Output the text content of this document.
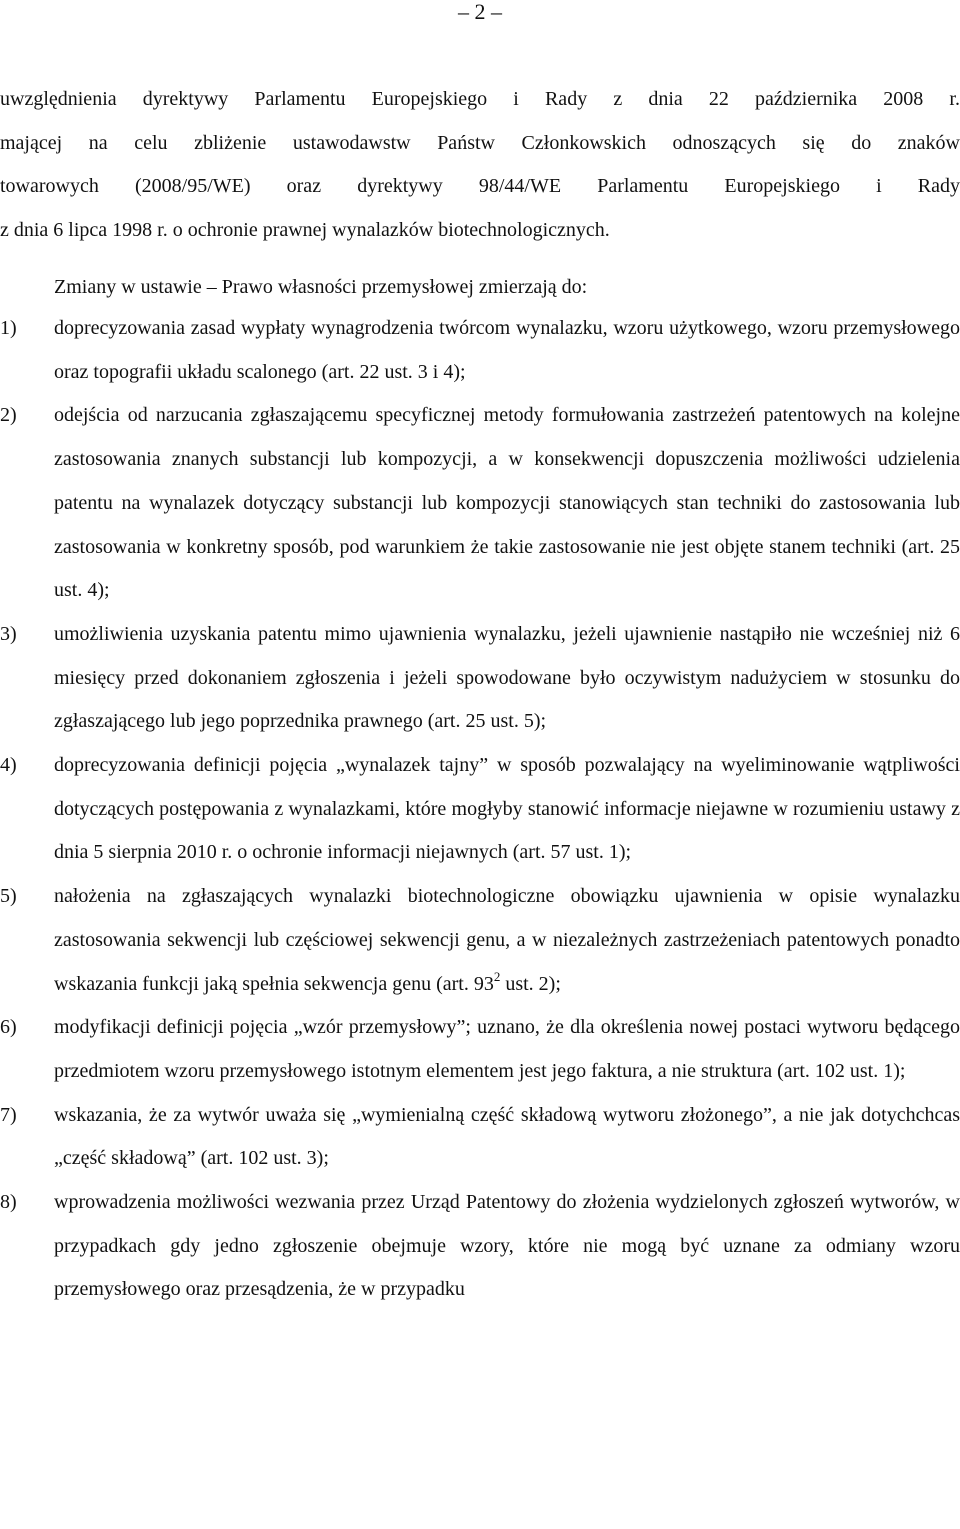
– 2 –
uwzględnienia dyrektywy Parlamentu Europejskiego i Rady z dnia 22 października 2008 r.
mającej na celu zbliżenie ustawodawstw Państw Członkowskich odnoszących się do znaków
towarowych (2008/95/WE) oraz dyrektywy 98/44/WE Parlamentu Europejskiego i Rady
z dnia 6 lipca 1998 r. o ochronie prawnej wynalazków biotechnologicznych.
Zmiany w ustawie – Prawo własności przemysłowej zmierzają do:
1) doprecyzowania zasad wypłaty wynagrodzenia twórcom wynalazku, wzoru użytkowego, wzoru przemysłowego oraz topografii układu scalonego (art. 22 ust. 3 i 4);
2) odejścia od narzucania zgłaszającemu specyficznej metody formułowania zastrzeżeń patentowych na kolejne zastosowania znanych substancji lub kompozycji, a w konsekwencji dopuszczenia możliwości udzielenia patentu na wynalazek dotyczący substancji lub kompozycji stanowiących stan techniki do zastosowania lub zastosowania w konkretny sposób, pod warunkiem że takie zastosowanie nie jest objęte stanem techniki (art. 25 ust. 4);
3) umożliwienia uzyskania patentu mimo ujawnienia wynalazku, jeżeli ujawnienie nastąpiło nie wcześniej niż 6 miesięcy przed dokonaniem zgłoszenia i jeżeli spowodowane było oczywistym nadużyciem w stosunku do zgłaszającego lub jego poprzednika prawnego (art. 25 ust. 5);
4) doprecyzowania definicji pojęcia „wynalazek tajny” w sposób pozwalający na wyeliminowanie wątpliwości dotyczących postępowania z wynalazkami, które mogłyby stanowić informacje niejawne w rozumieniu ustawy z dnia 5 sierpnia 2010 r. o ochronie informacji niejawnych (art. 57 ust. 1);
5) nałożenia na zgłaszających wynalazki biotechnologiczne obowiązku ujawnienia w opisie wynalazku zastosowania sekwencji lub częściowej sekwencji genu, a w niezależnych zastrzeżeniach patentowych ponadto wskazania funkcji jaką spełnia sekwencja genu (art. $93^2$ ust. 2);
6) modyfikacji definicji pojęcia „wzór przemysłowy”; uznano, że dla określenia nowej postaci wytworu będącego przedmiotem wzoru przemysłowego istotnym elementem jest jego faktura, a nie struktura (art. 102 ust. 1);
7) wskazania, że za wytwór uważa się „wymienialną część składową wytworu złożonego”, a nie jak dotychchcas „część składową” (art. 102 ust. 3);
8) wprowadzenia możliwości wezwania przez Urząd Patentowy do złożenia wydzielonych zgłoszeń wytworów, w przypadkach gdy jedno zgłoszenie obejmuje wzory, które nie mogą być uznane za odmiany wzoru przemysłowego oraz przesądzenia, że w przypadku
